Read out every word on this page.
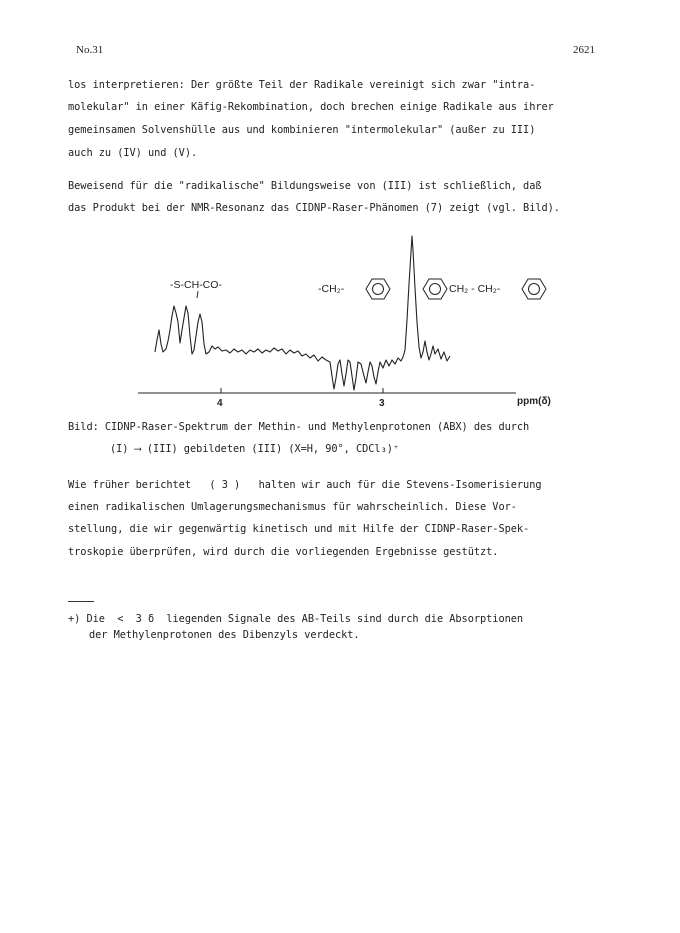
No.31	2621
los interpretieren: Der größte Teil der Radikale vereinigt sich zwar "intra-
molekular" in einer Käfig-Rekombination, doch brechen einige Radikale aus ihrer
gemeinsamen Solvenshülle aus und kombinieren "intermolekular" (außer zu III)
auch zu (IV) und (V).
Beweisend für die "radikalische" Bildungsweise von (III) ist schließlich, daß
das Produkt bei der NMR-Resonanz das CIDNP-Raser-Phänomen (7) zeigt (vgl. Bild).
-S-CH-CO-	-CH₂-	CH₂ - CH₂-
4	3	ppm(δ)
Bild: CIDNP-Raser-Spektrum der Methin- und Methylenprotonen (ABX) des durch
(I) ⟶ (III) gebildeten (III) (X=H, 90°, CDCl₃)⁺
Wie früher berichtet   ( 3 )   halten wir auch für die Stevens-Isomerisierung
einen radikalischen Umlagerungsmechanismus für wahrscheinlich. Diese Vor-
stellung, die wir gegenwärtig kinetisch und mit Hilfe der CIDNP-Raser-Spek-
troskopie überprüfen, wird durch die vorliegenden Ergebnisse gestützt.
+) Die  <  3 δ  liegenden Signale des AB-Teils sind durch die Absorptionen
der Methylenprotonen des Dibenzyls verdeckt.
